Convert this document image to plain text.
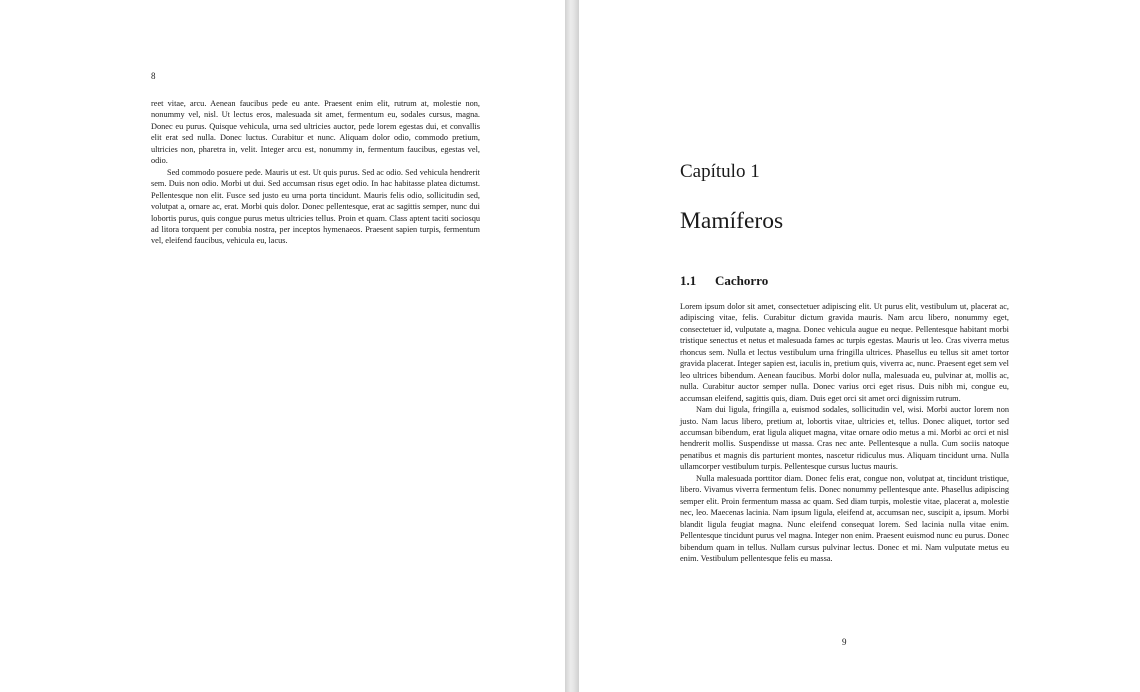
8

reet vitae, arcu. Aenean faucibus pede eu ante. Praesent enim elit, rutrum at, molestie non, nonummy vel, nisl. Ut lectus eros, malesuada sit amet, fermentum eu, sodales cursus, magna. Donec eu purus. Quisque vehicula, urna sed ultricies auctor, pede lorem egestas dui, et convallis elit erat sed nulla. Donec luctus. Curabitur et nunc. Aliquam dolor odio, commodo pretium, ultricies non, pharetra in, velit. Integer arcu est, nonummy in, fermentum faucibus, egestas vel, odio.

Sed commodo posuere pede. Mauris ut est. Ut quis purus. Sed ac odio. Sed vehicula hendrerit sem. Duis non odio. Morbi ut dui. Sed accumsan risus eget odio. In hac habitasse platea dictumst. Pellentesque non elit. Fusce sed justo eu urna porta tincidunt. Mauris felis odio, sollicitudin sed, volutpat a, ornare ac, erat. Morbi quis dolor. Donec pellentesque, erat ac sagittis semper, nunc dui lobortis purus, quis congue purus metus ultricies tellus. Proin et quam. Class aptent taciti sociosqu ad litora torquent per conubia nostra, per inceptos hymenaeos. Praesent sapien turpis, fermentum vel, eleifend faucibus, vehicula eu, lacus.

Capítulo 1
Mamíferos
1.1 Cachorro

Lorem ipsum dolor sit amet, consectetuer adipiscing elit. Ut purus elit, vestibulum ut, placerat ac, adipiscing vitae, felis. Curabitur dictum gravida mauris. Nam arcu libero, nonummy eget, consectetuer id, vulputate a, magna. Donec vehicula augue eu neque. Pellentesque habitant morbi tristique senectus et netus et malesuada fames ac turpis egestas. Mauris ut leo. Cras viverra metus rhoncus sem. Nulla et lectus vestibulum urna fringilla ultrices. Phasellus eu tellus sit amet tortor gravida placerat. Integer sapien est, iaculis in, pretium quis, viverra ac, nunc. Praesent eget sem vel leo ultrices bibendum. Aenean faucibus. Morbi dolor nulla, malesuada eu, pulvinar at, mollis ac, nulla. Curabitur auctor semper nulla. Donec varius orci eget risus. Duis nibh mi, congue eu, accumsan eleifend, sagittis quis, diam. Duis eget orci sit amet orci dignissim rutrum.

Nam dui ligula, fringilla a, euismod sodales, sollicitudin vel, wisi. Morbi auctor lorem non justo. Nam lacus libero, pretium at, lobortis vitae, ultricies et, tellus. Donec aliquet, tortor sed accumsan bibendum, erat ligula aliquet magna, vitae ornare odio metus a mi. Morbi ac orci et nisl hendrerit mollis. Suspendisse ut massa. Cras nec ante. Pellentesque a nulla. Cum sociis natoque penatibus et magnis dis parturient montes, nascetur ridiculus mus. Aliquam tincidunt urna. Nulla ullamcorper vestibulum turpis. Pellentesque cursus luctus mauris.

Nulla malesuada porttitor diam. Donec felis erat, congue non, volutpat at, tincidunt tristique, libero. Vivamus viverra fermentum felis. Donec nonummy pellentesque ante. Phasellus adipiscing semper elit. Proin fermentum massa ac quam. Sed diam turpis, molestie vitae, placerat a, molestie nec, leo. Maecenas lacinia. Nam ipsum ligula, eleifend at, accumsan nec, suscipit a, ipsum. Morbi blandit ligula feugiat magna. Nunc eleifend consequat lorem. Sed lacinia nulla vitae enim. Pellentesque tincidunt purus vel magna. Integer non enim. Praesent euismod nunc eu purus. Donec bibendum quam in tellus. Nullam cursus pulvinar lectus. Donec et mi. Nam vulputate metus eu enim. Vestibulum pellentesque felis eu massa.

9
